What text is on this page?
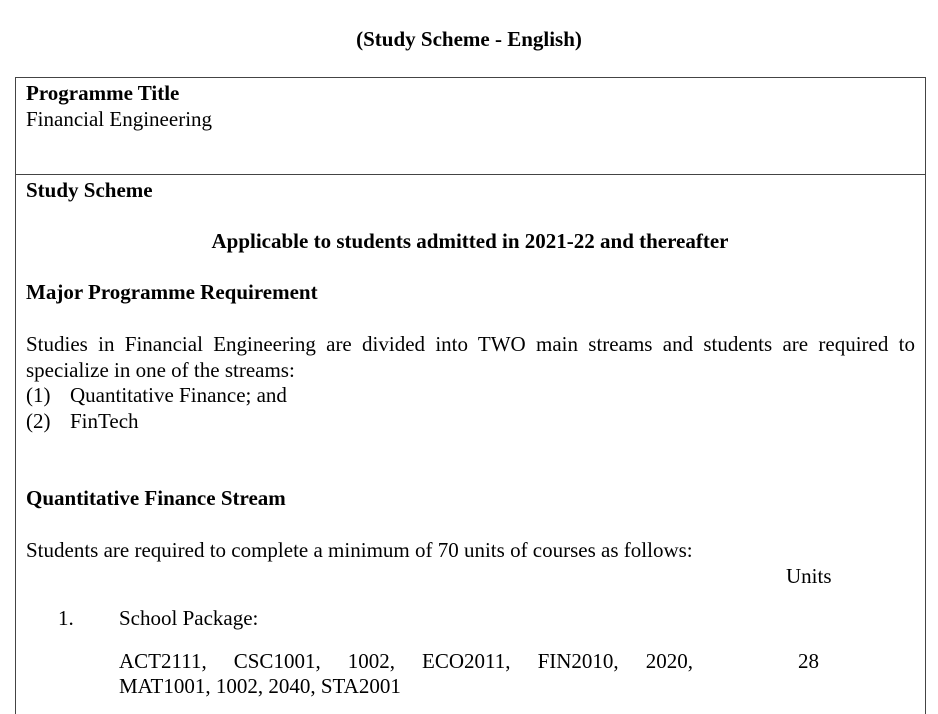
(Study Scheme - English)
Programme Title
Financial Engineering
Study Scheme
Applicable to students admitted in 2021-22 and thereafter
Major Programme Requirement
Studies in Financial Engineering are divided into TWO main streams and students are required to
specialize in one of the streams:
(1) Quantitative Finance; and
(2) FinTech
Quantitative Finance Stream
Students are required to complete a minimum of 70 units of courses as follows:
Units
1. School Package:
ACT2111, CSC1001, 1002, ECO2011, FIN2010, 2020,	28
MAT1001, 1002, 2040, STA2001
